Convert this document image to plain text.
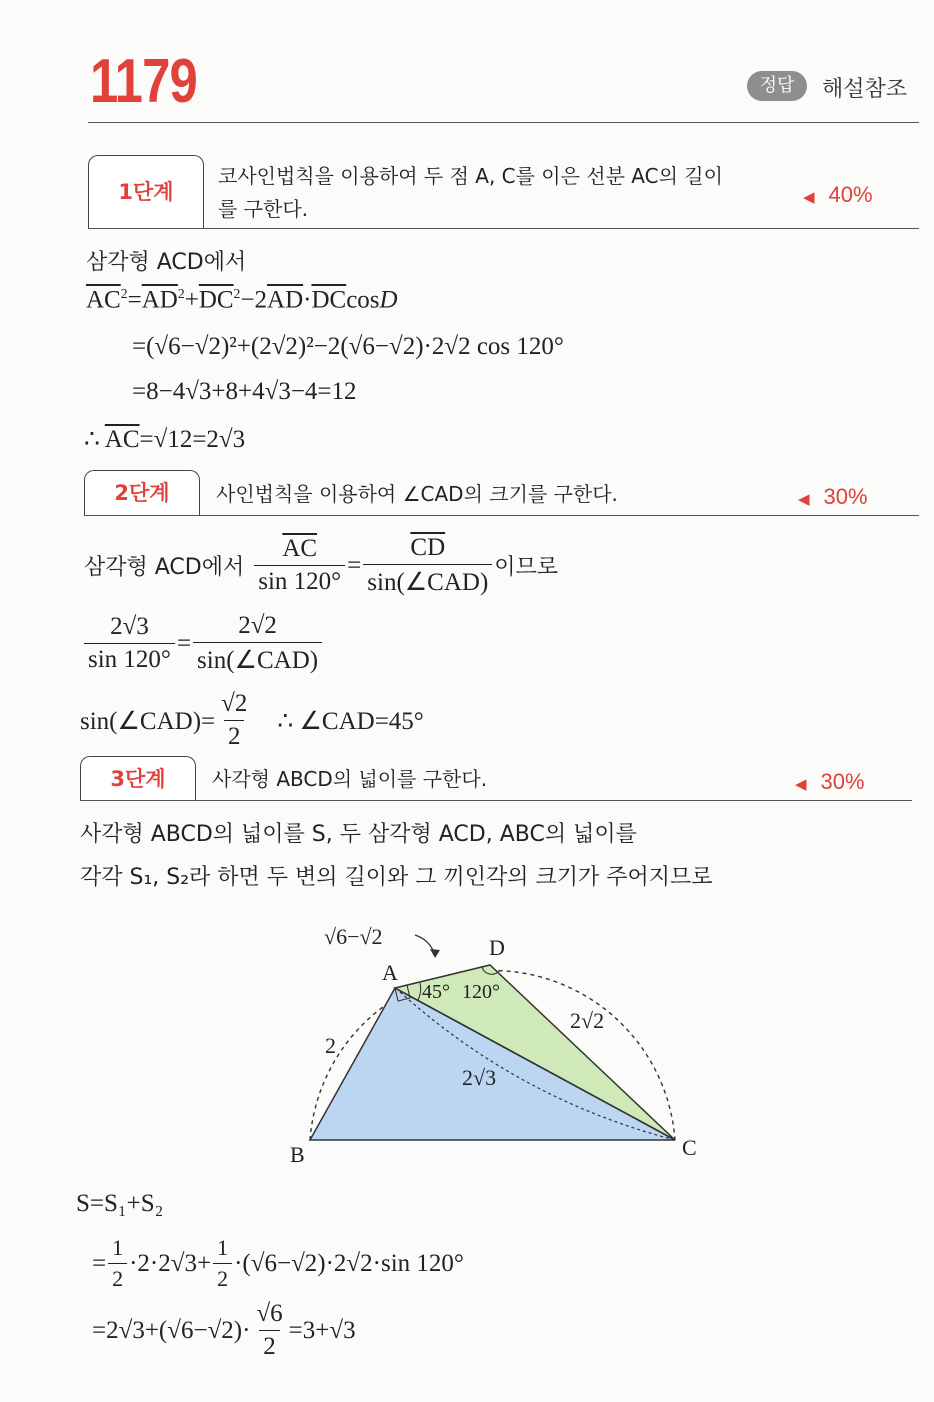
1179	정답	해설참조
1단계
코사인법칙을 이용하여 두 점 A, C를 이은 선분 AC의 길이
를 구한다.	◀ 40%
삼각형 ACD에서
$\overline{AC}^2=\overline{AD}^2+\overline{DC}^2-2\overline{AD}\cdot\overline{DC}\cos D$
=(√6−√2)²+(2√2)²−2(√6−√2)·2√2 cos 120°
=8−4√3+8+4√3−4=12
∴ $\overline{AC}=√12=2√3$
2단계	사인법칙을 이용하여 ∠CAD의 크기를 구한다.	◀ 30%
삼각형 ACD에서 $\frac{\overline{AC}}{\sin 120^\circ} = \frac{\overline{CD}}{\text{sin(∠CAD)}}$ 이므로
$\frac{2√3}{\sin 120^\circ} = \frac{2√2}{\text{sin(∠CAD)}}$
sin(∠CAD)= $\frac{√2}{2}$ ∴ ∠CAD=45°
3단계	사각형 ABCD의 넓이를 구한다.	◀ 30%
사각형 ABCD의 넓이를 S, 두 삼각형 ACD, ABC의 넓이를
각각 S₁, S₂라 하면 두 변의 길이와 그 끼인각의 크기가 주어지므로
A
B	C
D
√6−√2
2
2√2
2√3
45° 120°
S=S₁+S₂
= $\frac{1}{2} \cdot 2\cdot 2√3+ \frac{1}{2} \cdot(√6-√2)\cdot 2√2\cdot\sin$ 120°
$=2√3+(√6-√2)\cdot \frac{√6}{2} =3+√3$
